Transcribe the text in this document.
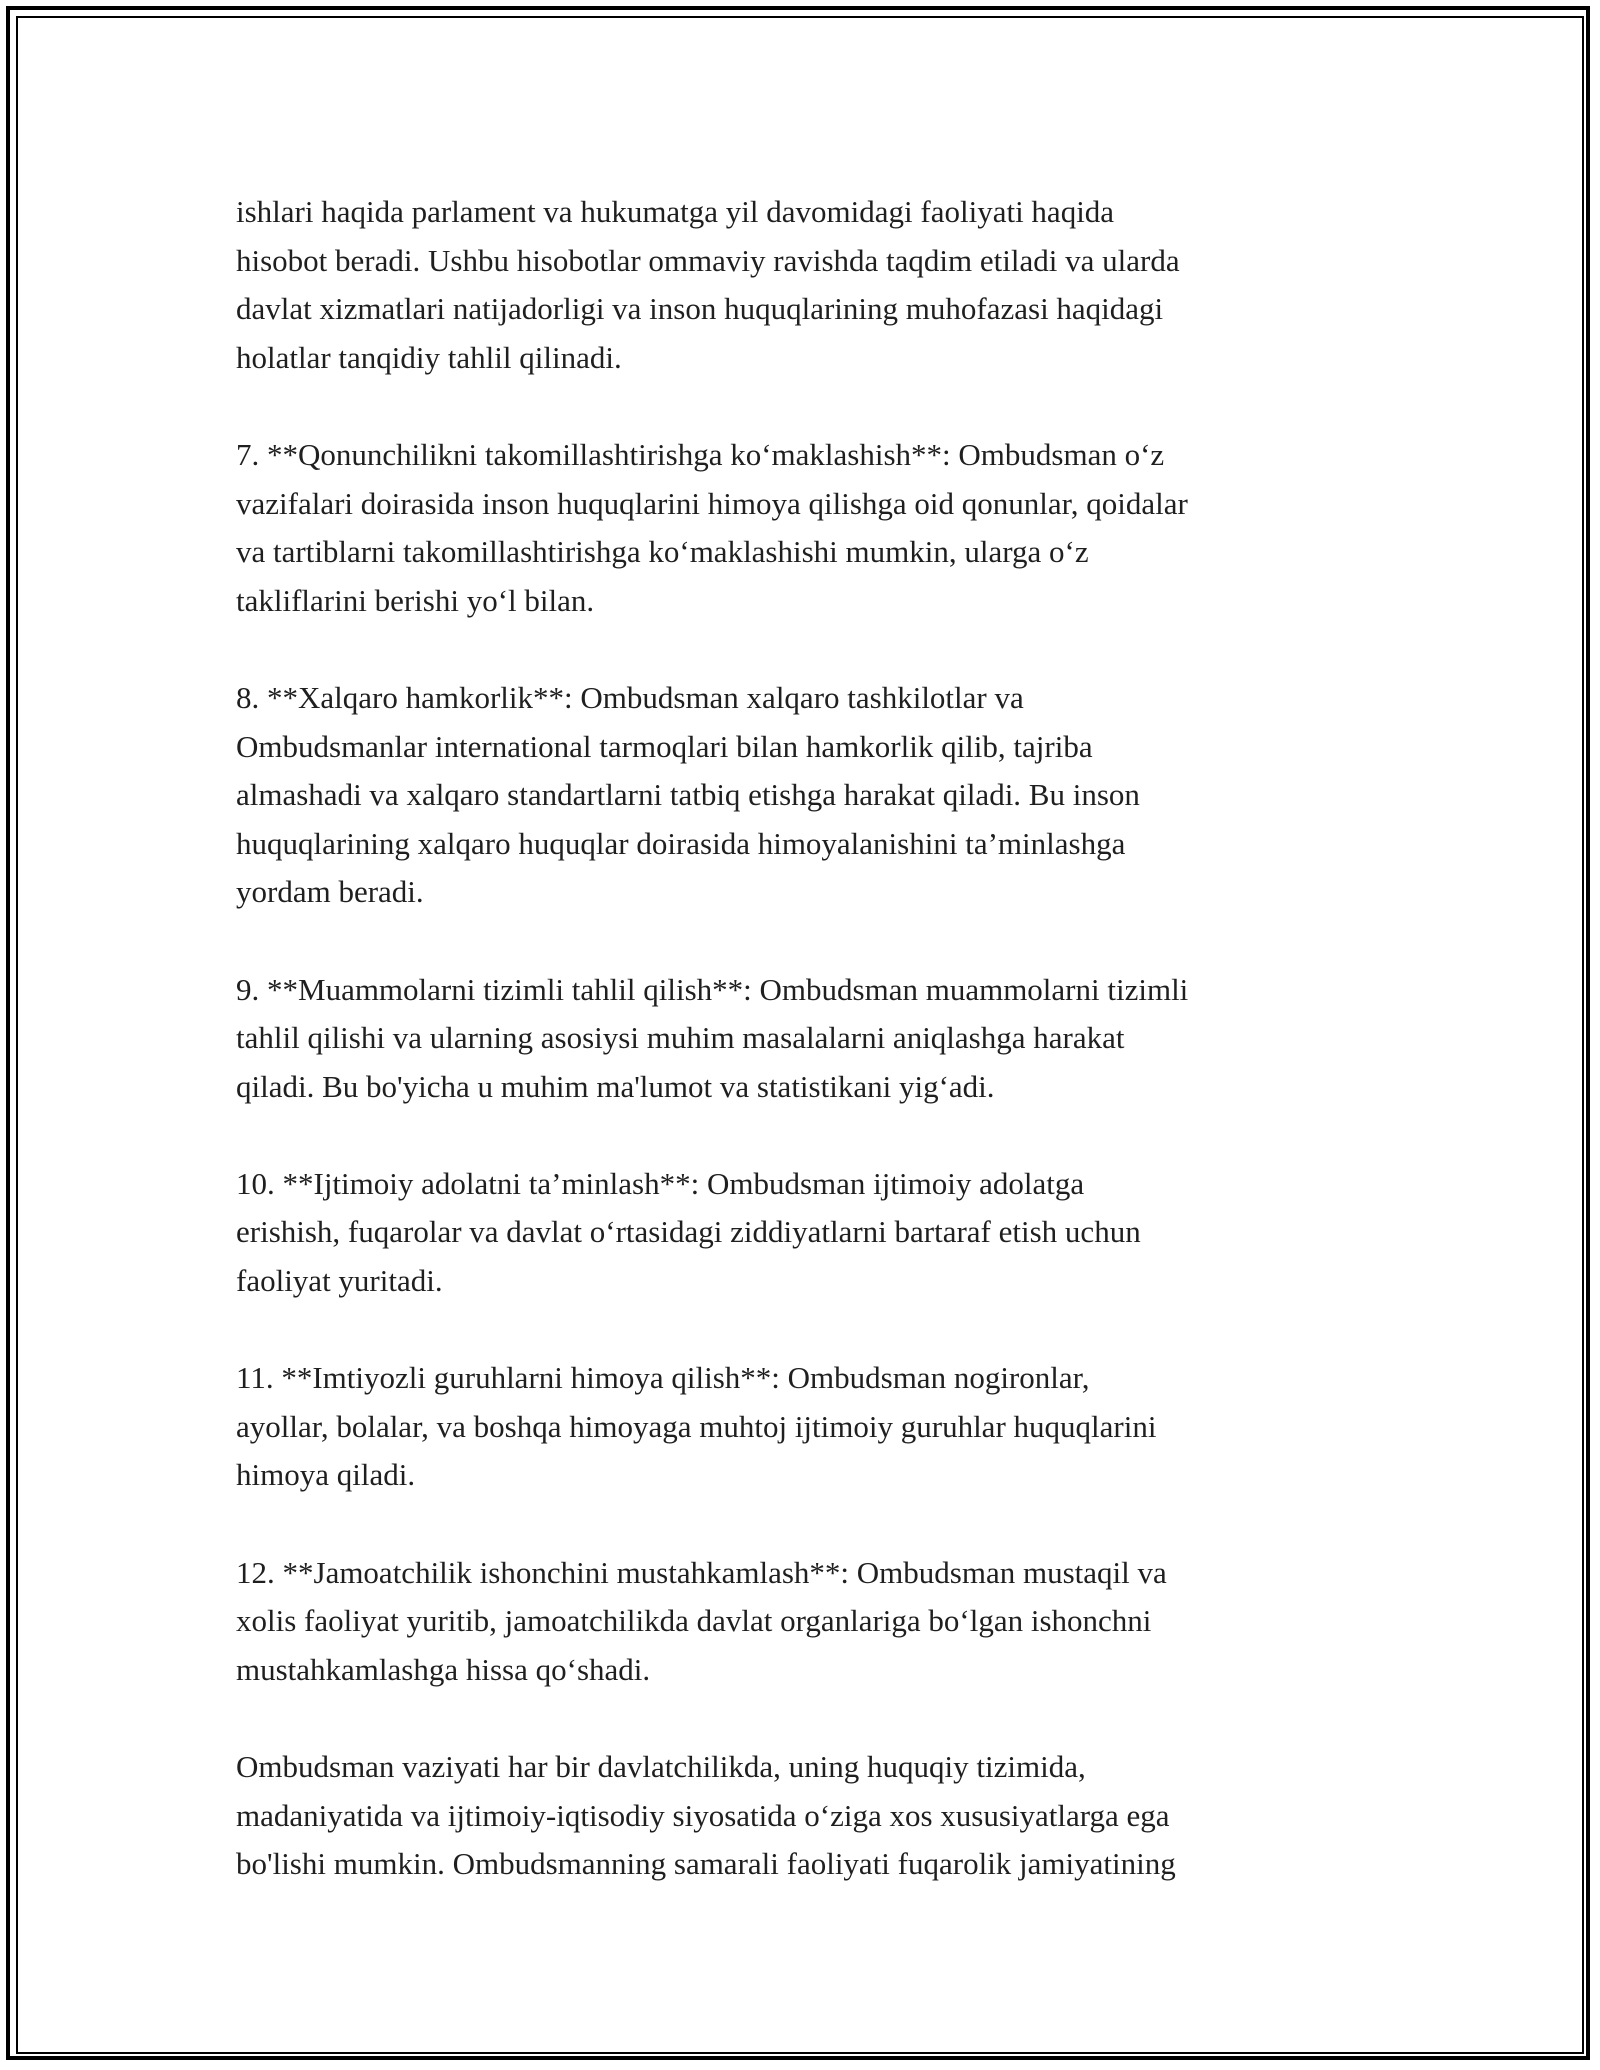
ishlari haqida parlament va hukumatga yil davomidagi faoliyati haqida
hisobot beradi. Ushbu hisobotlar ommaviy ravishda taqdim etiladi va ularda
davlat xizmatlari natijadorligi va inson huquqlarining muhofazasi haqidagi
holatlar tanqidiy tahlil qilinadi.

7. **Qonunchilikni takomillashtirishga ko‘maklashish**: Ombudsman o‘z
vazifalari doirasida inson huquqlarini himoya qilishga oid qonunlar, qoidalar
va tartiblarni takomillashtirishga ko‘maklashishi mumkin, ularga o‘z
takliflarini berishi yo‘l bilan.

8. **Xalqaro hamkorlik**: Ombudsman xalqaro tashkilotlar va
Ombudsmanlar international tarmoqlari bilan hamkorlik qilib, tajriba
almashadi va xalqaro standartlarni tatbiq etishga harakat qiladi. Bu inson
huquqlarining xalqaro huquqlar doirasida himoyalanishini ta’minlashga
yordam beradi.

9. **Muammolarni tizimli tahlil qilish**: Ombudsman muammolarni tizimli
tahlil qilishi va ularning asosiysi muhim masalalarni aniqlashga harakat
qiladi. Bu bo'yicha u muhim ma'lumot va statistikani yig‘adi.

10. **Ijtimoiy adolatni ta’minlash**: Ombudsman ijtimoiy adolatga
erishish, fuqarolar va davlat o‘rtasidagi ziddiyatlarni bartaraf etish uchun
faoliyat yuritadi.

11. **Imtiyozli guruhlarni himoya qilish**: Ombudsman nogironlar,
ayollar, bolalar, va boshqa himoyaga muhtoj ijtimoiy guruhlar huquqlarini
himoya qiladi.

12. **Jamoatchilik ishonchini mustahkamlash**: Ombudsman mustaqil va
xolis faoliyat yuritib, jamoatchilikda davlat organlariga bo‘lgan ishonchni
mustahkamlashga hissa qo‘shadi.

Ombudsman vaziyati har bir davlatchilikda, uning huquqiy tizimida,
madaniyatida va ijtimoiy-iqtisodiy siyosatida o‘ziga xos xususiyatlarga ega
bo'lishi mumkin. Ombudsmanning samarali faoliyati fuqarolik jamiyatining
